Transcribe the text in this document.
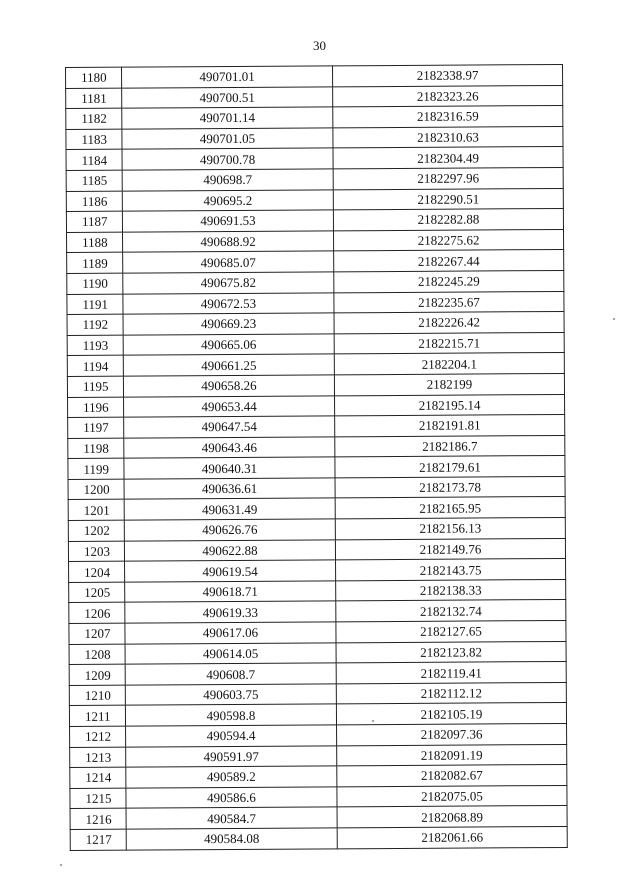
30
1180	490701.01	2182338.97
1181	490700.51	2182323.26
1182	490701.14	2182316.59
1183	490701.05	2182310.63
1184	490700.78	2182304.49
1185	490698.7	2182297.96
1186	490695.2	2182290.51
1187	490691.53	2182282.88
1188	490688.92	2182275.62
1189	490685.07	2182267.44
1190	490675.82	2182245.29
1191	490672.53	2182235.67
1192	490669.23	2182226.42
1193	490665.06	2182215.71
1194	490661.25	2182204.1
1195	490658.26	2182199
1196	490653.44	2182195.14
1197	490647.54	2182191.81
1198	490643.46	2182186.7
1199	490640.31	2182179.61
1200	490636.61	2182173.78
1201	490631.49	2182165.95
1202	490626.76	2182156.13
1203	490622.88	2182149.76
1204	490619.54	2182143.75
1205	490618.71	2182138.33
1206	490619.33	2182132.74
1207	490617.06	2182127.65
1208	490614.05	2182123.82
1209	490608.7	2182119.41
1210	490603.75	2182112.12
1211	490598.8	2182105.19
1212	490594.4	2182097.36
1213	490591.97	2182091.19
1214	490589.2	2182082.67
1215	490586.6	2182075.05
1216	490584.7	2182068.89
1217	490584.08	2182061.66
